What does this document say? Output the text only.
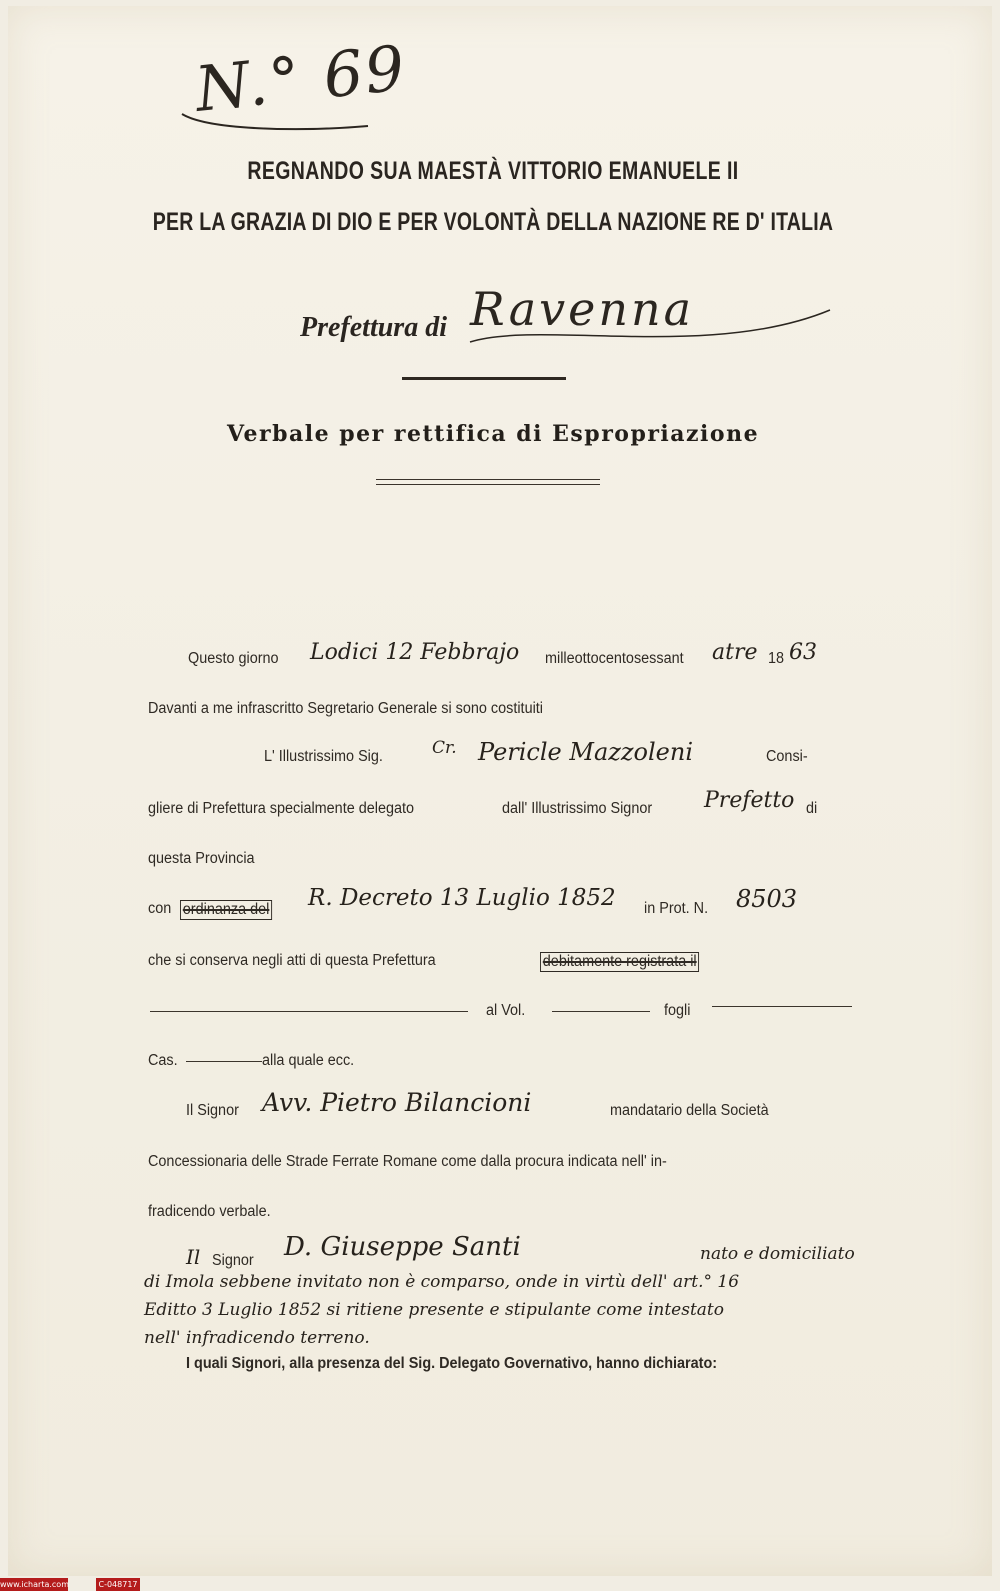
N.° 69
REGNANDO SUA MAESTÀ VITTORIO EMANUELE II
PER LA GRAZIA DI DIO E PER VOLONTÀ DELLA NAZIONE RE D' ITALIA
Prefettura di Ravenna
Verbale per rettifica di Espropriazione
Questo giorno Lodici 12 Febbrajo milleottocentosessant atre 18 63
Davanti a me infrascritto Segretario Generale si sono costituiti
L' Illustrissimo Sig.	Cr. Pericle Mazzoleni	Consi-
gliere di Prefettura specialmente delegato	dall' Illustrissimo Signor Prefetto di
questa Provincia
con ordinanza del R. Decreto 13 Luglio 1852 in Prot. N. 8503
che si conserva negli atti di questa Prefettura	debitamente registrata il
al Vol.	fogli
Cas.	alla quale ecc.
Il Signor Avv. Pietro Bilancioni	mandatario della Società
Concessionaria delle Strade Ferrate Romane come dalla procura indicata nell' in-
fradicendo verbale.
Il Signor D. Giuseppe Santi	nato e domiciliato
di Imola sebbene invitato non è comparso, onde in virtù dell' art.° 16
Editto 3 Luglio 1852 si ritiene presente e stipulante come intestato
nell' infradicendo terreno.
I quali Signori, alla presenza del Sig. Delegato Governativo, hanno dichiarato:
www.icharta.com	C-048717
